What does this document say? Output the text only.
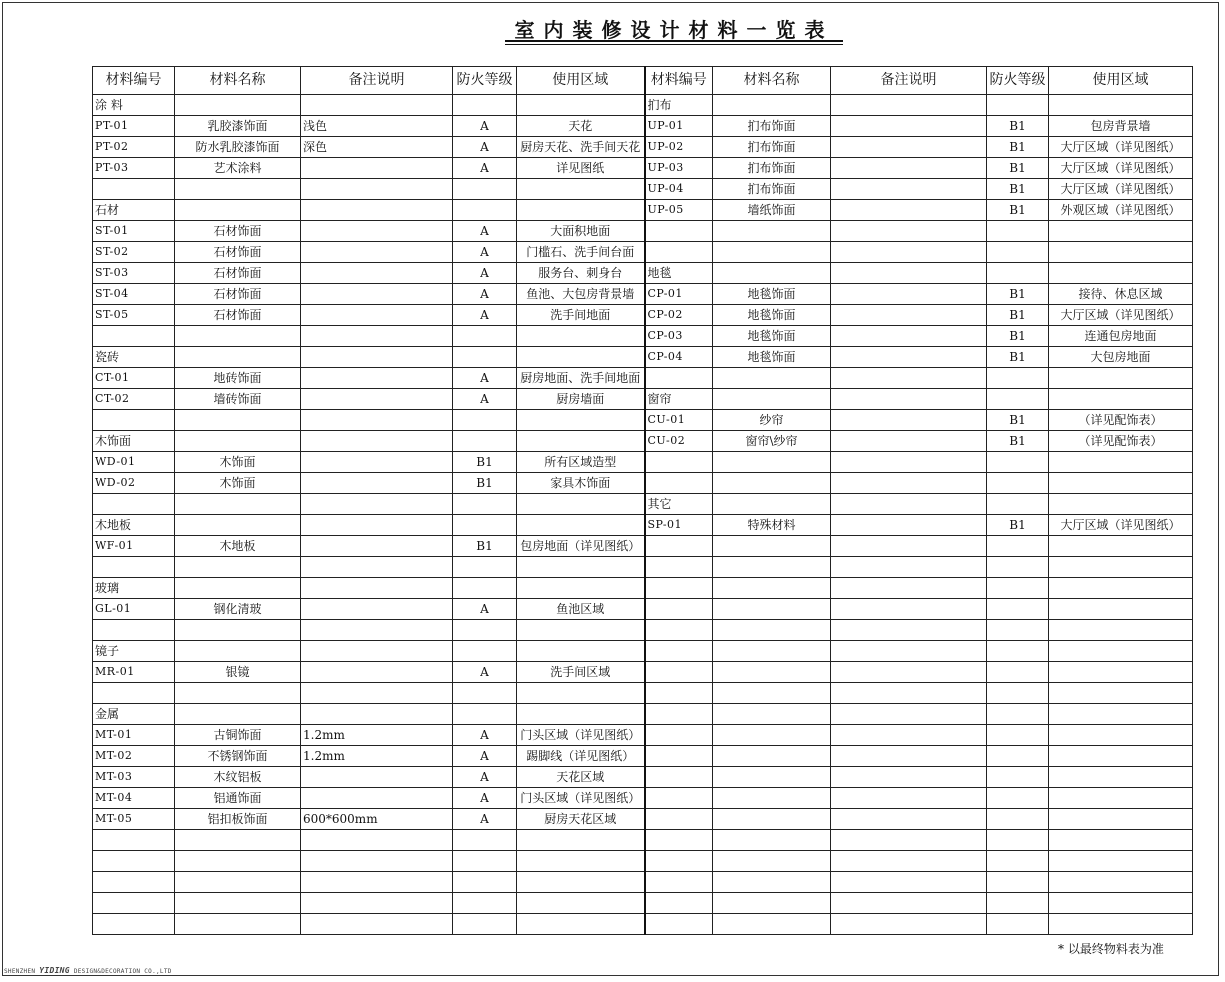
室内装修设计材料一览表
材料编号	材料名称	备注说明	防火等级	使用区域	材料编号	材料名称	备注说明	防火等级	使用区域
涂 料					扪布				
PT-01	乳胶漆饰面	浅色	A	天花	UP-01	扪布饰面		B1	包房背景墙
PT-02	防水乳胶漆饰面	深色	A	厨房天花、洗手间天花	UP-02	扪布饰面		B1	大厅区域（详见图纸）
PT-03	艺术涂料		A	详见图纸	UP-03	扪布饰面		B1	大厅区域（详见图纸）
					UP-04	扪布饰面		B1	大厅区域（详见图纸）
石材					UP-05	墙纸饰面		B1	外观区域（详见图纸）
ST-01	石材饰面		A	大面积地面					
ST-02	石材饰面		A	门槛石、洗手间台面					
ST-03	石材饰面		A	服务台、刺身台	地毯				
ST-04	石材饰面		A	鱼池、大包房背景墙	CP-01	地毯饰面		B1	接待、休息区域
ST-05	石材饰面		A	洗手间地面	CP-02	地毯饰面		B1	大厅区域（详见图纸）
					CP-03	地毯饰面		B1	连通包房地面
瓷砖					CP-04	地毯饰面		B1	大包房地面
CT-01	地砖饰面		A	厨房地面、洗手间地面					
CT-02	墙砖饰面		A	厨房墙面	窗帘				
					CU-01	纱帘		B1	（详见配饰表）
木饰面					CU-02	窗帘\纱帘		B1	（详见配饰表）
WD-01	木饰面		B1	所有区域造型					
WD-02	木饰面		B1	家具木饰面					
					其它				
木地板					SP-01	特殊材料		B1	大厅区域（详见图纸）
WF-01	木地板		B1	包房地面（详见图纸）					

玻璃									
GL-01	钢化清玻		A	鱼池区域					

镜子									
MR-01	银镜		A	洗手间区域					

金属									
MT-01	古铜饰面	1.2mm	A	门头区域（详见图纸）					
MT-02	不锈钢饰面	1.2mm	A	踢脚线（详见图纸）					
MT-03	木纹铝板		A	天花区域					
MT-04	铝通饰面		A	门头区域（详见图纸）					
MT-05	铝扣板饰面	600*600mm	A	厨房天花区域					

* 以最终物料表为准
SHENZHEN YIDING DESIGN&DECORATION CO.,LTD
